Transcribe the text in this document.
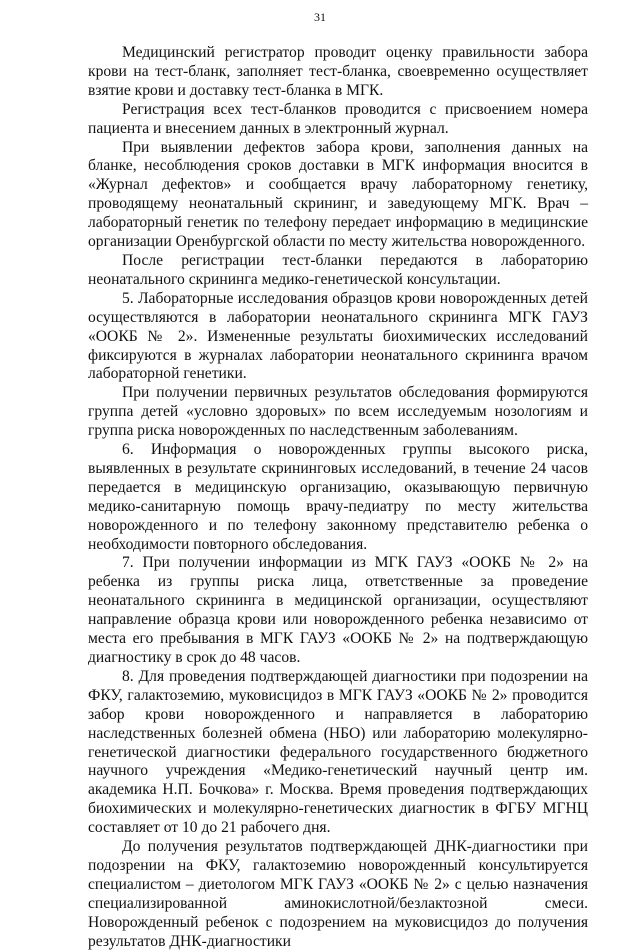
31

Медицинский регистратор проводит оценку правильности забора крови на тест-бланк, заполняет тест-бланка, своевременно осуществляет взятие крови и доставку тест-бланка в МГК.

Регистрация всех тест-бланков проводится с присвоением номера пациента и внесением данных в электронный журнал.

При выявлении дефектов забора крови, заполнения данных на бланке, несоблюдения сроков доставки в МГК информация вносится в «Журнал дефектов» и сообщается врачу лабораторному генетику, проводящему неонатальный скрининг, и заведующему МГК. Врач – лабораторный генетик по телефону передает информацию в медицинские организации Оренбургской области по месту жительства новорожденного.

После регистрации тест-бланки передаются в лабораторию неонатального скрининга медико-генетической консультации.

5. Лабораторные исследования образцов крови новорожденных детей осуществляются в лаборатории неонатального скрининга МГК ГАУЗ «ООКБ № 2». Измененные результаты биохимических исследований фиксируются в журналах лаборатории неонатального скрининга врачом лабораторной генетики.

При получении первичных результатов обследования формируются группа детей «условно здоровых» по всем исследуемым нозологиям и группа риска новорожденных по наследственным заболеваниям.

6. Информация о новорожденных группы высокого риска, выявленных в результате скрининговых исследований, в течение 24 часов передается в медицинскую организацию, оказывающую первичную медико-санитарную помощь врачу-педиатру по месту жительства новорожденного и по телефону законному представителю ребенка о необходимости повторного обследования.

7. При получении информации из МГК ГАУЗ «ООКБ № 2» на ребенка из группы риска лица, ответственные за проведение неонатального скрининга в медицинской организации, осуществляют направление образца крови или новорожденного ребенка независимо от места его пребывания в МГК ГАУЗ «ООКБ № 2» на подтверждающую диагностику в срок до 48 часов.

8. Для проведения подтверждающей диагностики при подозрении на ФКУ, галактоземию, муковисцидоз в МГК ГАУЗ «ООКБ № 2» проводится забор крови новорожденного и направляется в лабораторию наследственных болезней обмена (НБО) или лабораторию молекулярно-генетической диагностики федерального государственного бюджетного научного учреждения «Медико-генетический научный центр им. академика Н.П. Бочкова» г. Москва. Время проведения подтверждающих биохимических и молекулярно-генетических диагностик в ФГБУ МГНЦ составляет от 10 до 21 рабочего дня.

До получения результатов подтверждающей ДНК-диагностики при подозрении на ФКУ, галактоземию новорожденный консультируется специалистом – диетологом МГК ГАУЗ «ООКБ № 2» с целью назначения специализированной аминокислотной/безлактозной смеси. Новорожденный ребенок с подозрением на муковисцидоз до получения результатов ДНК-диагностики
